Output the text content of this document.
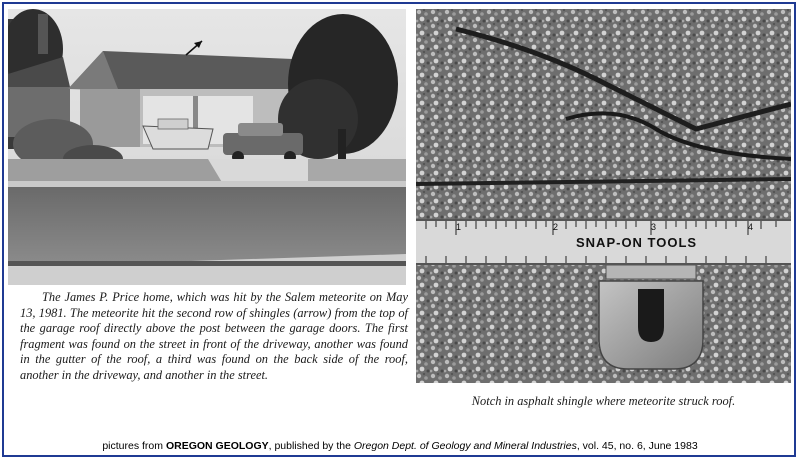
1	2	3	4
SNAP-ON TOOLS
The James P. Price home, which was hit by the Salem meteorite on May 13, 1981. The meteorite hit the second row of shingles (arrow) from the top of the garage roof directly above the post between the garage doors. The first fragment was found on the street in front of the driveway, another was found in the gutter of the roof, a third was found on the back side of the roof, another in the driveway, and another in the street.
Notch in asphalt shingle where meteorite struck roof.
pictures from OREGON GEOLOGY, published by the Oregon Dept. of Geology and Mineral Industries, vol. 45, no. 6, June 1983
